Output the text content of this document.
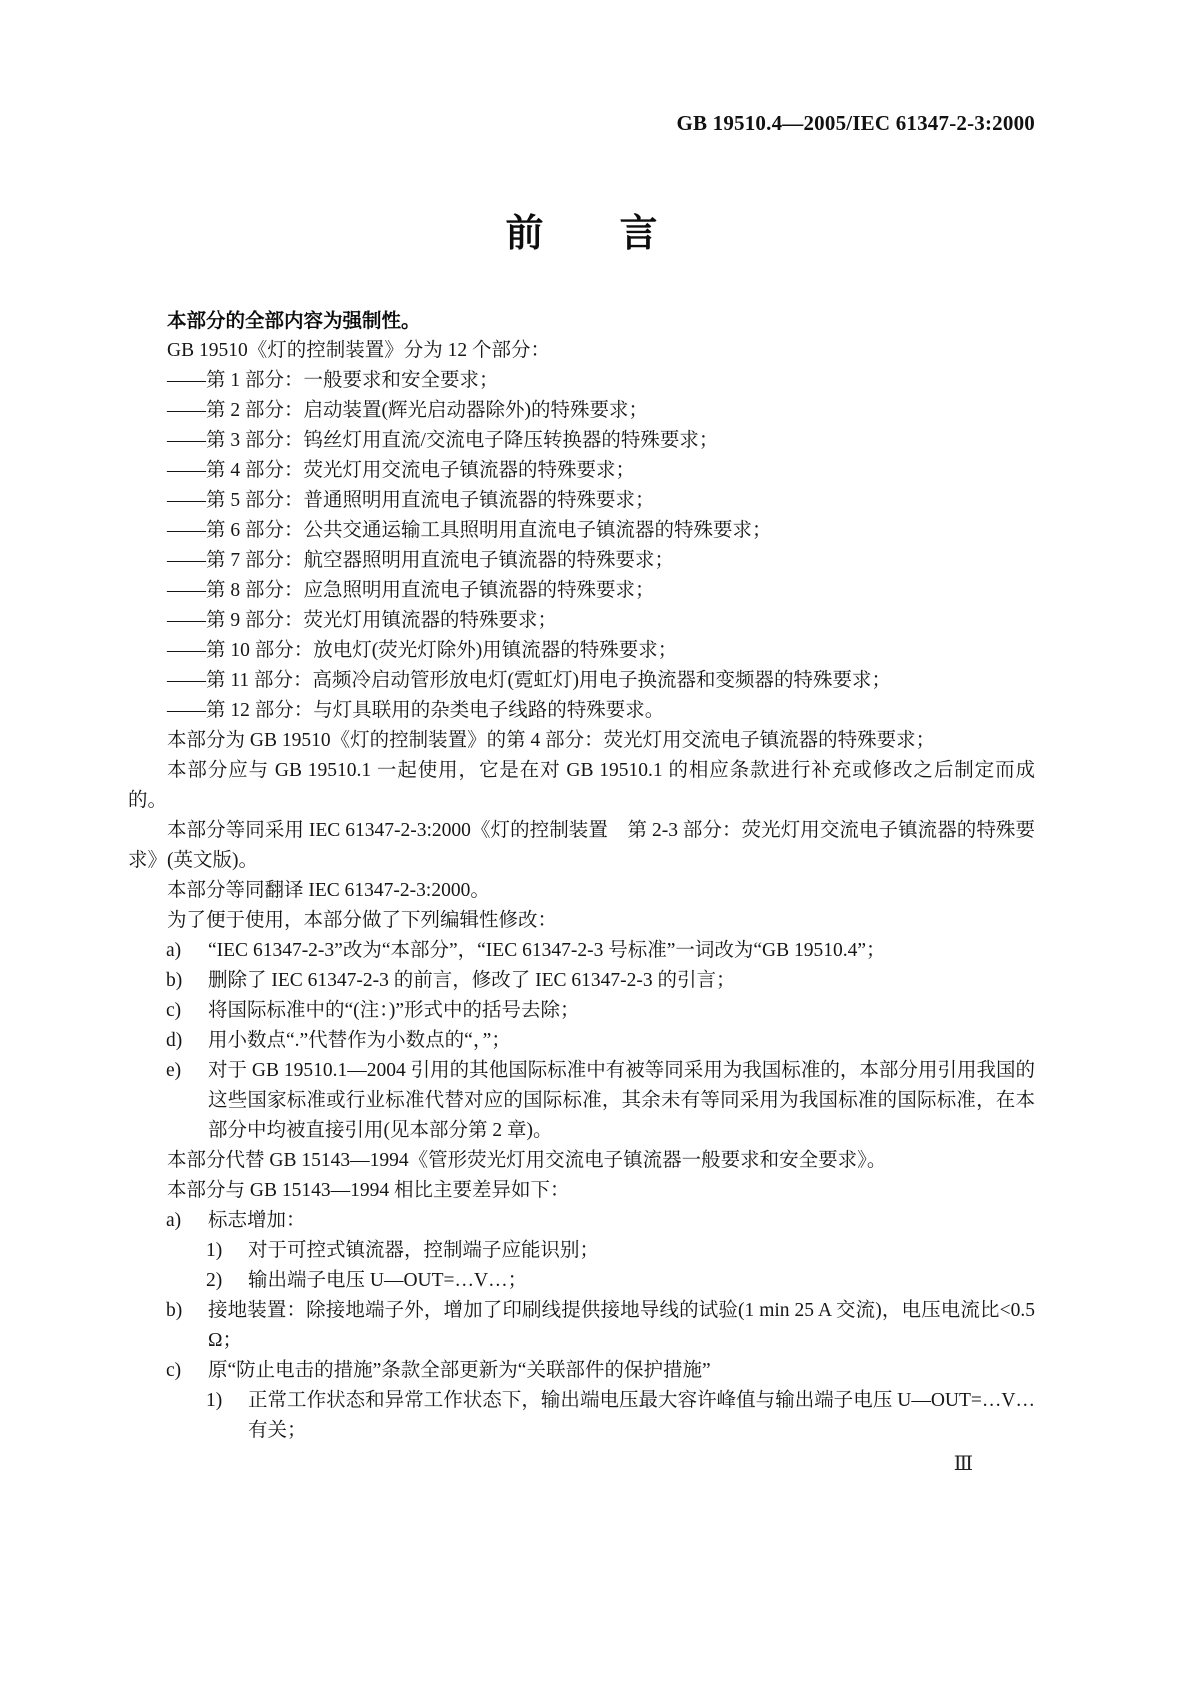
GB 19510.4—2005/IEC 61347-2-3:2000
前　　言
本部分的全部内容为强制性。
GB 19510《灯的控制装置》分为 12 个部分：
——第 1 部分：一般要求和安全要求；
——第 2 部分：启动装置(辉光启动器除外)的特殊要求；
——第 3 部分：钨丝灯用直流/交流电子降压转换器的特殊要求；
——第 4 部分：荧光灯用交流电子镇流器的特殊要求；
——第 5 部分：普通照明用直流电子镇流器的特殊要求；
——第 6 部分：公共交通运输工具照明用直流电子镇流器的特殊要求；
——第 7 部分：航空器照明用直流电子镇流器的特殊要求；
——第 8 部分：应急照明用直流电子镇流器的特殊要求；
——第 9 部分：荧光灯用镇流器的特殊要求；
——第 10 部分：放电灯(荧光灯除外)用镇流器的特殊要求；
——第 11 部分：高频冷启动管形放电灯(霓虹灯)用电子换流器和变频器的特殊要求；
——第 12 部分：与灯具联用的杂类电子线路的特殊要求。
本部分为 GB 19510《灯的控制装置》的第 4 部分：荧光灯用交流电子镇流器的特殊要求；
本部分应与 GB 19510.1 一起使用，它是在对 GB 19510.1 的相应条款进行补充或修改之后制定而成的。
本部分等同采用 IEC 61347-2-3:2000《灯的控制装置　第 2-3 部分：荧光灯用交流电子镇流器的特殊要求》(英文版)。
本部分等同翻译 IEC 61347-2-3:2000。
为了便于使用，本部分做了下列编辑性修改：
a)	“IEC 61347-2-3”改为“本部分”，“IEC 61347-2-3 号标准”一词改为“GB 19510.4”；
b)	删除了 IEC 61347-2-3 的前言，修改了 IEC 61347-2-3 的引言；
c)	将国际标准中的“(注：)”形式中的括号去除；
d)	用小数点“.”代替作为小数点的“，”；
e)	对于 GB 19510.1—2004 引用的其他国际标准中有被等同采用为我国标准的，本部分用引用我国的这些国家标准或行业标准代替对应的国际标准，其余未有等同采用为我国标准的国际标准，在本部分中均被直接引用(见本部分第 2 章)。
本部分代替 GB 15143—1994《管形荧光灯用交流电子镇流器一般要求和安全要求》。
本部分与 GB 15143—1994 相比主要差异如下：
a)	标志增加：
1)	对于可控式镇流器，控制端子应能识别；
2)	输出端子电压 U—OUT=…V…；
b)	接地装置：除接地端子外，增加了印刷线提供接地导线的试验(1 min 25 A 交流)，电压电流比<0.5 Ω；
c)	原“防止电击的措施”条款全部更新为“关联部件的保护措施”
1)	正常工作状态和异常工作状态下，输出端电压最大容许峰值与输出端子电压 U—OUT=…V…有关；
Ⅲ
